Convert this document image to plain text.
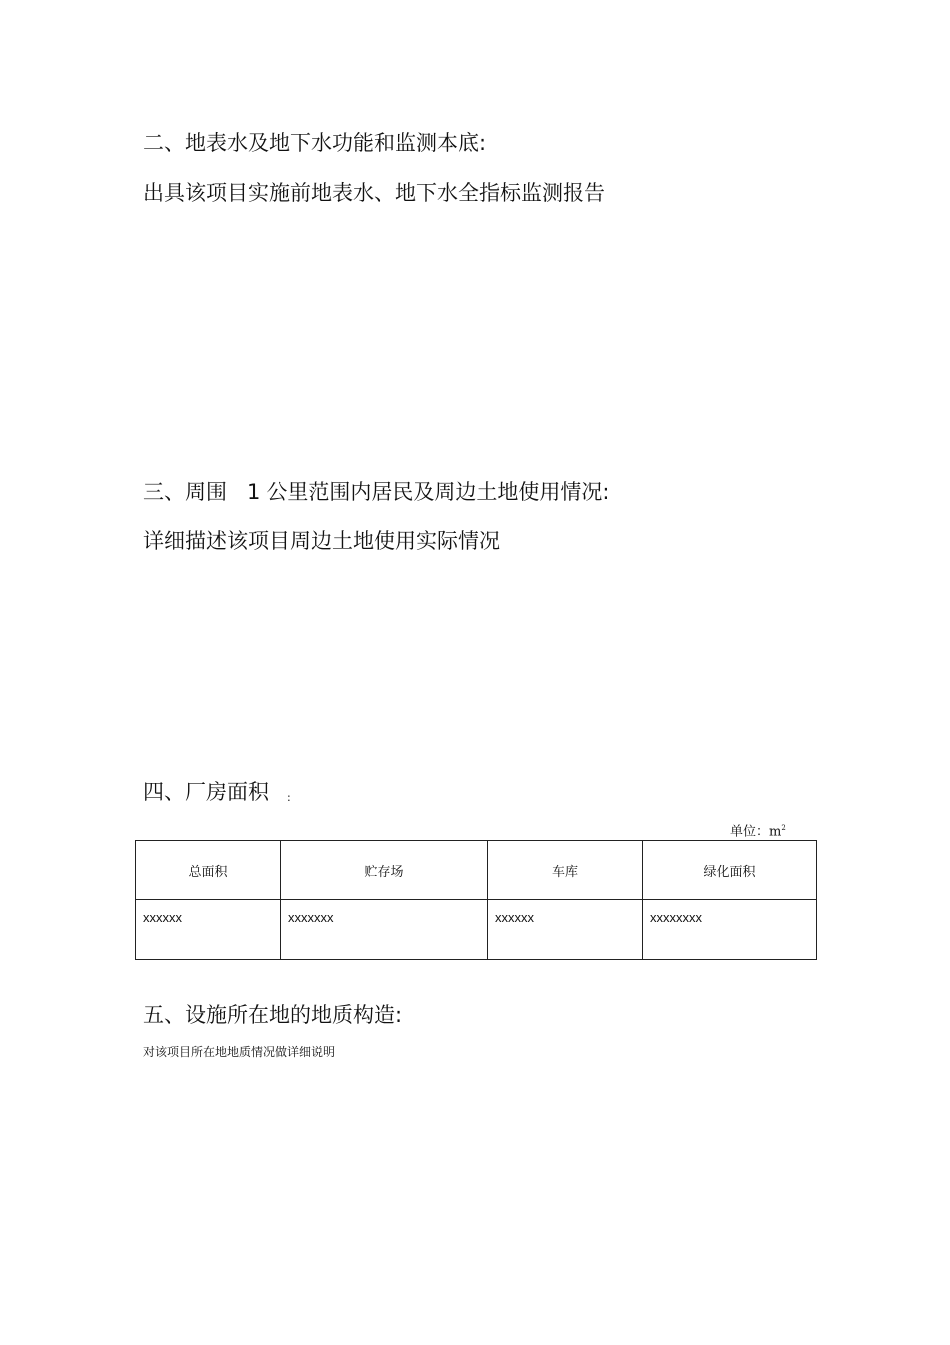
二、地表水及地下水功能和监测本底:
出具该项目实施前地表水、地下水全指标监测报告
三、周围 1 公里范围内居民及周边土地使用情况:
详细描述该项目周边土地使用实际情况
四、厂房面积 :
单位：$m^2$
总面积	贮存场	车库	绿化面积
xxxxxx	xxxxxxx	xxxxxx	xxxxxxxx
五、设施所在地的地质构造:
对该项目所在地地质情况做详细说明
